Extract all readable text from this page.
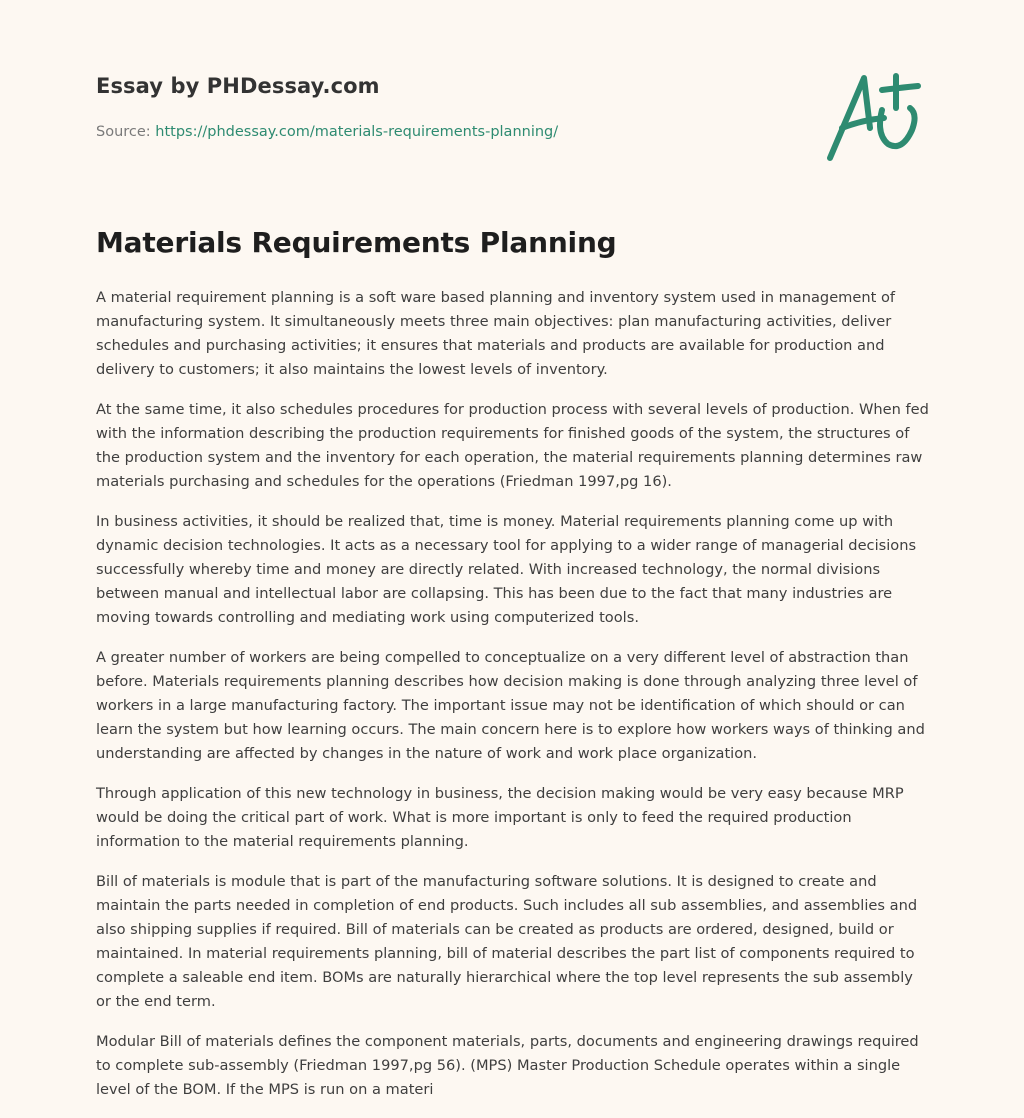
Essay by PHDessay.com

Source: https://phdessay.com/materials-requirements-planning/

Materials Requirements Planning

A material requirement planning is a soft ware based planning and inventory system used in management of manufacturing system. It simultaneously meets three main objectives: plan manufacturing activities, deliver schedules and purchasing activities; it ensures that materials and products are available for production and delivery to customers; it also maintains the lowest levels of inventory.

At the same time, it also schedules procedures for production process with several levels of production. When fed with the information describing the production requirements for finished goods of the system, the structures of the production system and the inventory for each operation, the material requirements planning determines raw materials purchasing and schedules for the operations (Friedman 1997,pg 16).

In business activities, it should be realized that, time is money. Material requirements planning come up with dynamic decision technologies. It acts as a necessary tool for applying to a wider range of managerial decisions successfully whereby time and money are directly related. With increased technology, the normal divisions between manual and intellectual labor are collapsing. This has been due to the fact that many industries are moving towards controlling and mediating work using computerized tools.

A greater number of workers are being compelled to conceptualize on a very different level of abstraction than before. Materials requirements planning describes how decision making is done through analyzing three level of workers in a large manufacturing factory. The important issue may not be identification of which should or can learn the system but how learning occurs. The main concern here is to explore how workers ways of thinking and understanding are affected by changes in the nature of work and work place organization.

Through application of this new technology in business, the decision making would be very easy because MRP would be doing the critical part of work. What is more important is only to feed the required production information to the material requirements planning.

Bill of materials is module that is part of the manufacturing software solutions. It is designed to create and maintain the parts needed in completion of end products. Such includes all sub assemblies, and assemblies and also shipping supplies if required. Bill of materials can be created as products are ordered, designed, build or maintained. In material requirements planning, bill of material describes the part list of components required to complete a saleable end item. BOMs are naturally hierarchical where the top level represents the sub assembly or the end term.

Modular Bill of materials defines the component materials, parts, documents and engineering drawings required to complete sub-assembly (Friedman 1997,pg 56). (MPS) Master Production Schedule operates within a single level of the BOM. If the MPS is run on a materi
